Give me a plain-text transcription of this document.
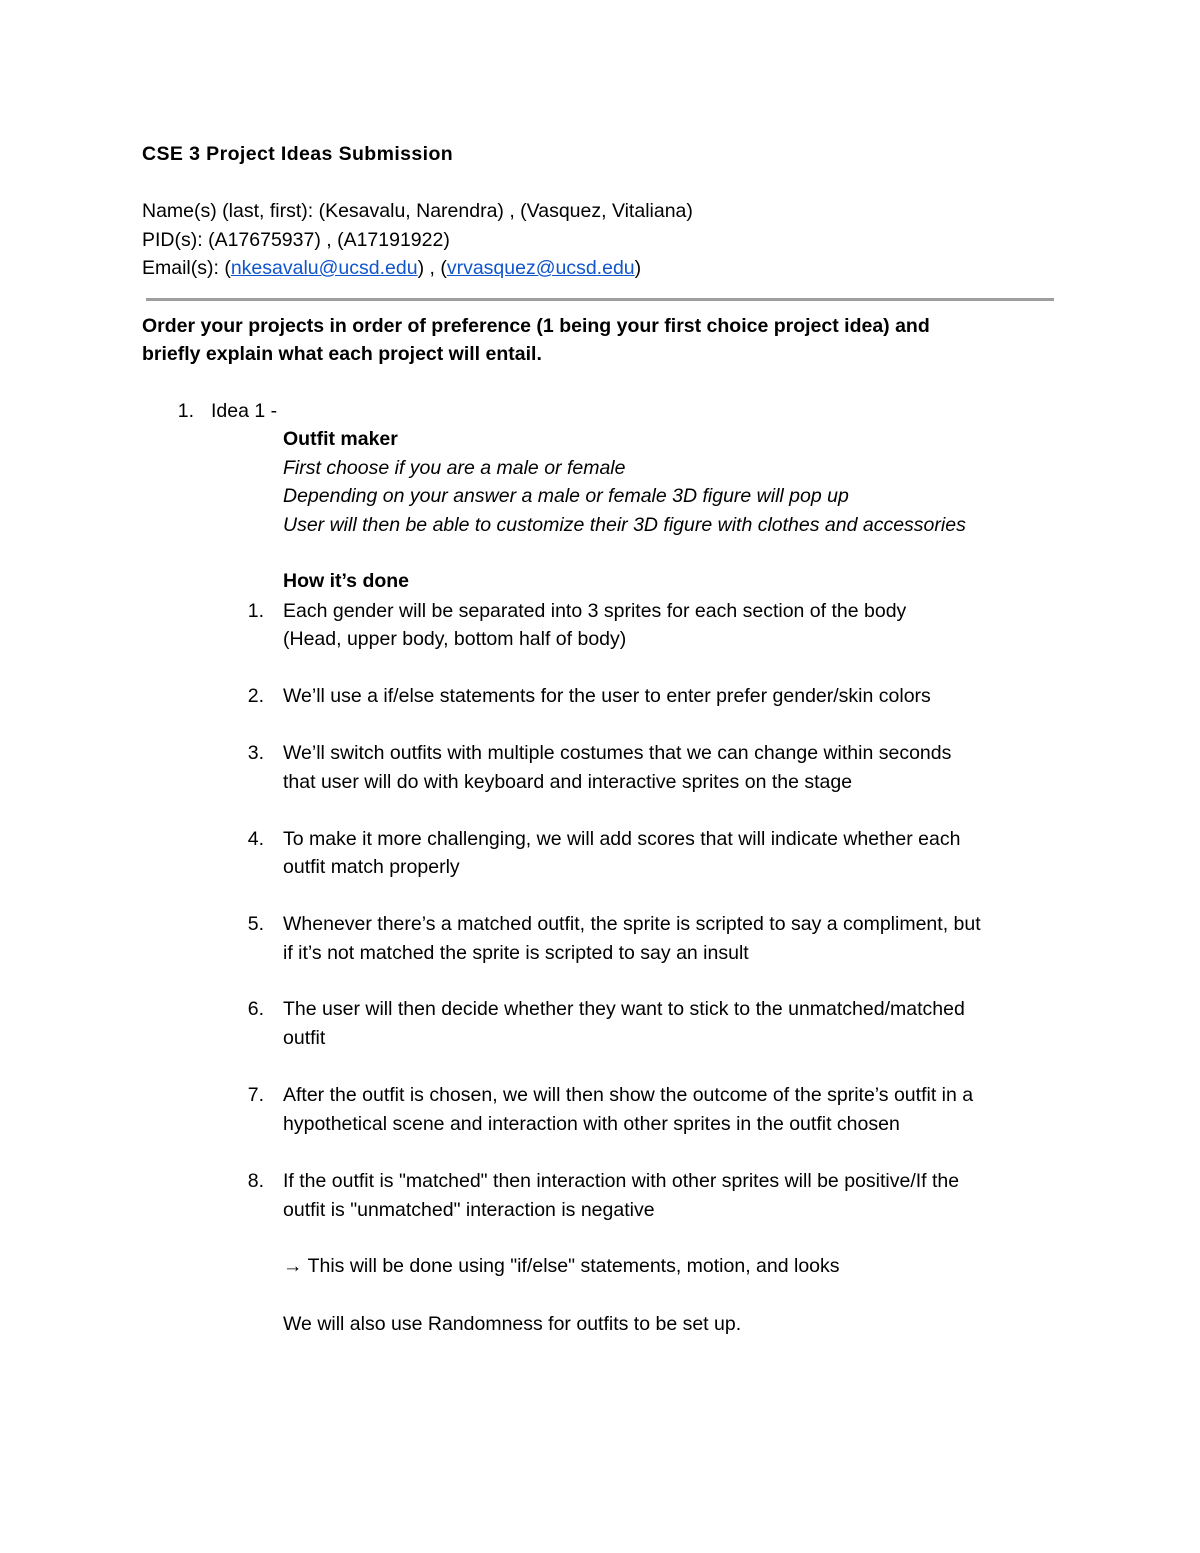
CSE 3 Project Ideas Submission
Name(s) (last, first): (Kesavalu, Narendra) , (Vasquez, Vitaliana)
PID(s): (A17675937) , (A17191922)
Email(s): (nkesavalu@ucsd.edu) , (vrvasquez@ucsd.edu)
Order your projects in order of preference (1 being your first choice project idea) and
briefly explain what each project will entail.
1. Idea 1 -
Outfit maker
First choose if you are a male or female
Depending on your answer a male or female 3D figure will pop up
User will then be able to customize their 3D figure with clothes and accessories
How it’s done
1. Each gender will be separated into 3 sprites for each section of the body
(Head, upper body, bottom half of body)
2. We’ll use a if/else statements for the user to enter prefer gender/skin colors
3. We’ll switch outfits with multiple costumes that we can change within seconds
that user will do with keyboard and interactive sprites on the stage
4. To make it more challenging, we will add scores that will indicate whether each
outfit match properly
5. Whenever there’s a matched outfit, the sprite is scripted to say a compliment, but
if it’s not matched the sprite is scripted to say an insult
6. The user will then decide whether they want to stick to the unmatched/matched
outfit
7. After the outfit is chosen, we will then show the outcome of the sprite’s outfit in a
hypothetical scene and interaction with other sprites in the outfit chosen
8. If the outfit is "matched" then interaction with other sprites will be positive/If the
outfit is "unmatched" interaction is negative
→ This will be done using "if/else" statements, motion, and looks
We will also use Randomness for outfits to be set up.
